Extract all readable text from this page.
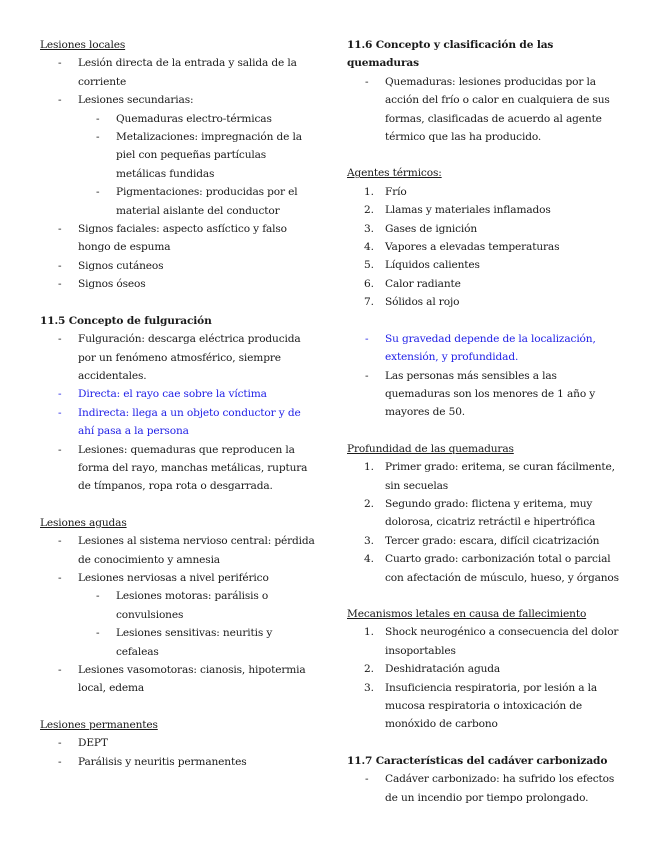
Lesiones locales

- Lesión directa de la entrada y salida de la corriente
- Lesiones secundarias:
- Quemaduras electro-térmicas
- Metalizaciones: impregnación de la piel con pequeñas partículas metálicas fundidas
- Pigmentaciones: producidas por el material aislante del conductor
- Signos faciales: aspecto asfíctico y falso hongo de espuma
- Signos cutáneos
- Signos óseos

11.5 Concepto de fulguración

- Fulguración: descarga eléctrica producida por un fenómeno atmosférico, siempre accidentales.
- Directa: el rayo cae sobre la víctima
- Indirecta: llega a un objeto conductor y de ahí pasa a la persona
- Lesiones: quemaduras que reproducen la forma del rayo, manchas metálicas, ruptura de tímpanos, ropa rota o desgarrada.

Lesiones agudas

- Lesiones al sistema nervioso central: pérdida de conocimiento y amnesia
- Lesiones nerviosas a nivel periférico
- Lesiones motoras: parálisis o convulsiones
- Lesiones sensitivas: neuritis y cefaleas
- Lesiones vasomotoras: cianosis, hipotermia local, edema

Lesiones permanentes

- DEPT
- Parálisis y neuritis permanentes

11.6 Concepto y clasificación de las quemaduras

- Quemaduras: lesiones producidas por la acción del frío o calor en cualquiera de sus formas, clasificadas de acuerdo al agente térmico que las ha producido.

Agentes térmicos:

1. Frío
2. Llamas y materiales inflamados
3. Gases de ignición
4. Vapores a elevadas temperaturas
5. Líquidos calientes
6. Calor radiante
7. Sólidos al rojo
- Su gravedad depende de la localización, extensión, y profundidad.
- Las personas más sensibles a las quemaduras son los menores de 1 año y mayores de 50.

Profundidad de las quemaduras

1. Primer grado: eritema, se curan fácilmente, sin secuelas
2. Segundo grado: flictena y eritema, muy dolorosa, cicatriz retráctil e hipertrófica
3. Tercer grado: escara, difícil cicatrización
4. Cuarto grado: carbonización total o parcial con afectación de músculo, hueso, y órganos

Mecanismos letales en causa de fallecimiento

1. Shock neurogénico a consecuencia del dolor insoportables
2. Deshidratación aguda
3. Insuficiencia respiratoria, por lesión a la mucosa respiratoria o intoxicación de monóxido de carbono

11.7 Características del cadáver carbonizado

- Cadáver carbonizado: ha sufrido los efectos de un incendio por tiempo prolongado.
